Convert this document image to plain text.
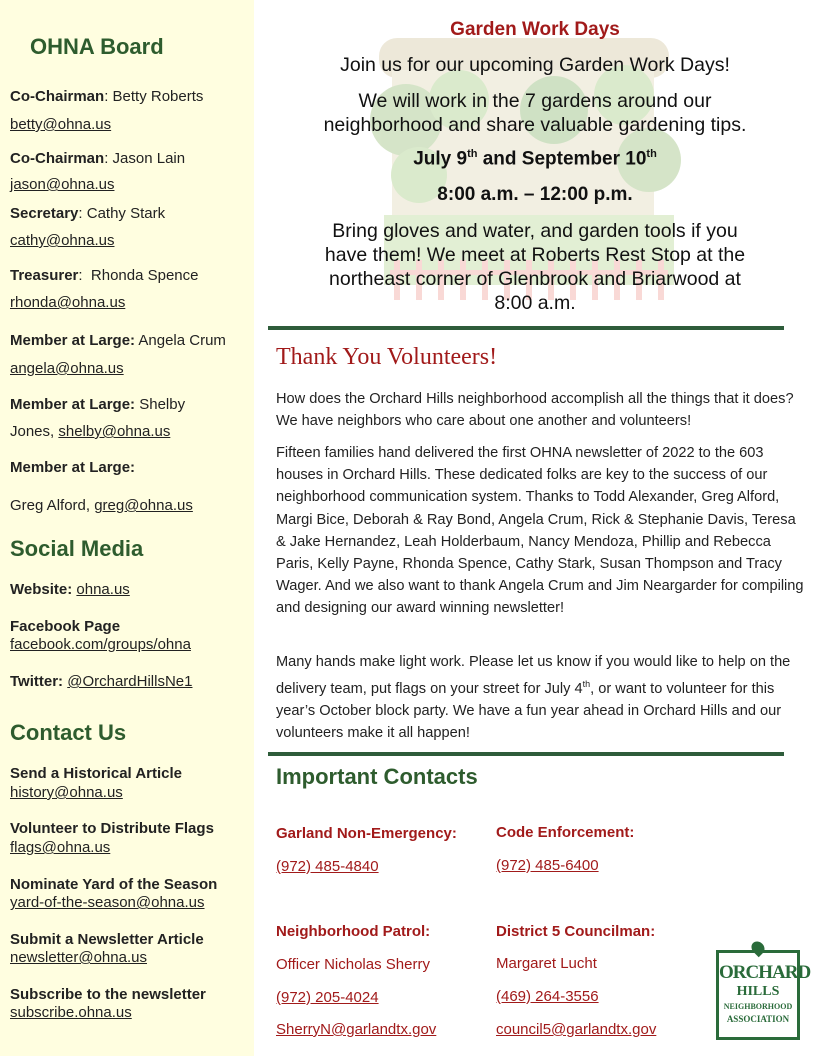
OHNA Board
Co-Chairman: Betty Roberts
betty@ohna.us
Co-Chairman: Jason Lain
jason@ohna.us
Secretary: Cathy Stark
cathy@ohna.us
Treasurer:  Rhonda Spence
rhonda@ohna.us
Member at Large: Angela Crum
angela@ohna.us
Member at Large: Shelby
Jones, shelby@ohna.us
Member at Large:
Greg Alford, greg@ohna.us
Social Media
Website: ohna.us
Facebook Page
facebook.com/groups/ohna
Twitter: @OrchardHillsNe1
Contact Us
Send a Historical Article
history@ohna.us
Volunteer to Distribute Flags
flags@ohna.us
Nominate Yard of the Season
yard-of-the-season@ohna.us
Submit a Newsletter Article
newsletter@ohna.us
Subscribe to the newsletter
subscribe.ohna.us
Garden Work Days
Join us for our upcoming Garden Work Days!
We will work in the 7 gardens around our
neighborhood and share valuable gardening tips.
July 9th and September 10th
8:00 a.m. – 12:00 p.m.
Bring gloves and water, and garden tools if you
have them! We meet at Roberts Rest Stop at the
northeast corner of Glenbrook and Briarwood at
8:00 a.m.
Thank You Volunteers!

How does the Orchard Hills neighborhood accomplish all the things that it does? We have neighbors who care about one another and volunteers!

Fifteen families hand delivered the first OHNA newsletter of 2022 to the 603 houses in Orchard Hills. These dedicated folks are key to the success of our neighborhood communication system. Thanks to Todd Alexander, Greg Alford, Margi Bice, Deborah & Ray Bond, Angela Crum, Rick & Stephanie Davis, Teresa & Jake Hernandez, Leah Holderbaum, Nancy Mendoza, Phillip and Rebecca Paris, Kelly Payne, Rhonda Spence, Cathy Stark, Susan Thompson and Tracy Wager. And we also want to thank Angela Crum and Jim Neargarder for compiling and designing our award winning newsletter!

Many hands make light work. Please let us know if you would like to help on the delivery team, put flags on your street for July 4th, or want to volunteer for this year’s October block party. We have a fun year ahead in Orchard Hills and our volunteers make it all happen!

Important Contacts
Garland Non-Emergency:
(972) 485-4840
Code Enforcement:
(972) 485-6400
Neighborhood Patrol:
Officer Nicholas Sherry
(972) 205-4024
SherryN@garlandtx.gov
District 5 Councilman:
Margaret Lucht
(469) 264-3556
council5@garlandtx.gov
ORCHARD
HILLS
NEIGHBORHOOD
ASSOCIATION
